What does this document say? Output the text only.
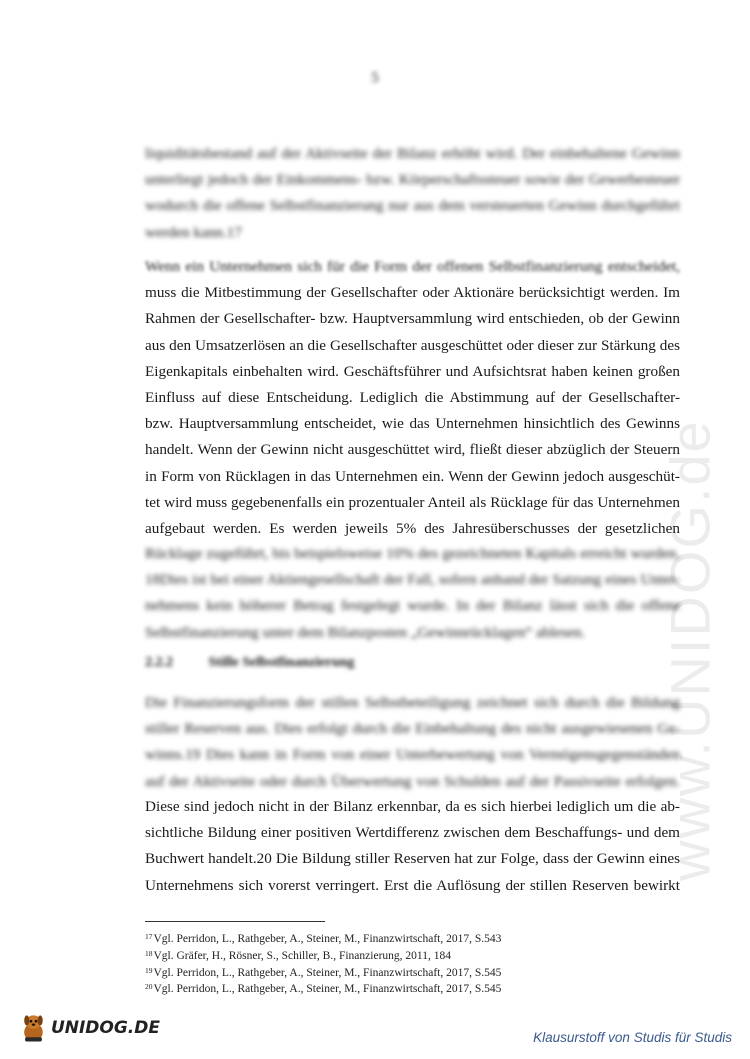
5
www.UNIDOG.de
liquiditätsbestand auf der Aktivseite der Bilanz erhöht wird. Der einbehaltene Gewinn
unterliegt jedoch der Einkommens- bzw. Körperschaftssteuer sowie der Gewerbesteuer
wodurch die offene Selbstfinanzierung nur aus dem versteuerten Gewinn durchgeführt
werden kann.17
Wenn ein Unternehmen sich für die Form der offenen Selbstfinanzierung entscheidet,
muss die Mitbestimmung der Gesellschafter oder Aktionäre berücksichtigt werden. Im
Rahmen der Gesellschafter- bzw. Hauptversammlung wird entschieden, ob der Gewinn
aus den Umsatzerlösen an die Gesellschafter ausgeschüttet oder dieser zur Stärkung des
Eigenkapitals einbehalten wird. Geschäftsführer und Aufsichtsrat haben keinen großen
Einfluss auf diese Entscheidung. Lediglich die Abstimmung auf der Gesellschafter-
bzw. Hauptversammlung entscheidet, wie das Unternehmen hinsichtlich des Gewinns
handelt. Wenn der Gewinn nicht ausgeschüttet wird, fließt dieser abzüglich der Steuern
in Form von Rücklagen in das Unternehmen ein. Wenn der Gewinn jedoch ausgeschüt-
tet wird muss gegebenenfalls ein prozentualer Anteil als Rücklage für das Unternehmen
aufgebaut werden. Es werden jeweils 5% des Jahresüberschusses der gesetzlichen
Rücklage zugeführt, bis beispielsweise 10% des gezeichneten Kapitals erreicht wurden.
18Dies ist bei einer Aktiengesellschaft der Fall, sofern anhand der Satzung eines Unter-
nehmens kein höherer Betrag festgelegt wurde. In der Bilanz lässt sich die offene
Selbstfinanzierung unter dem Bilanzposten „Gewinnrücklagen“ ablesen.
2.2.2	Stille Selbstfinanzierung
Die Finanzierungsform der stillen Selbstbeteiligung zeichnet sich durch die Bildung
stiller Reserven aus. Dies erfolgt durch die Einbehaltung des nicht ausgewiesenen Ge-
winns.19 Dies kann in Form von einer Unterbewertung von Vermögensgegenständen
auf der Aktivseite oder durch Überwertung von Schulden auf der Passivseite erfolgen.
Diese sind jedoch nicht in der Bilanz erkennbar, da es sich hierbei lediglich um die ab-
sichtliche Bildung einer positiven Wertdifferenz zwischen dem Beschaffungs- und dem
Buchwert handelt.20 Die Bildung stiller Reserven hat zur Folge, dass der Gewinn eines
Unternehmens sich vorerst verringert. Erst die Auflösung der stillen Reserven bewirkt
$^{17}$Vgl. Perridon, L., Rathgeber, A., Steiner, M., Finanzwirtschaft, 2017, S.543
$^{18}$Vgl. Gräfer, H., Rösner, S., Schiller, B., Finanzierung, 2011, 184
$^{19}$Vgl. Perridon, L., Rathgeber, A., Steiner, M., Finanzwirtschaft, 2017, S.545
$^{20}$Vgl. Perridon, L., Rathgeber, A., Steiner, M., Finanzwirtschaft, 2017, S.545
UNIDOG.DE	Klausurstoff von Studis für Studis
